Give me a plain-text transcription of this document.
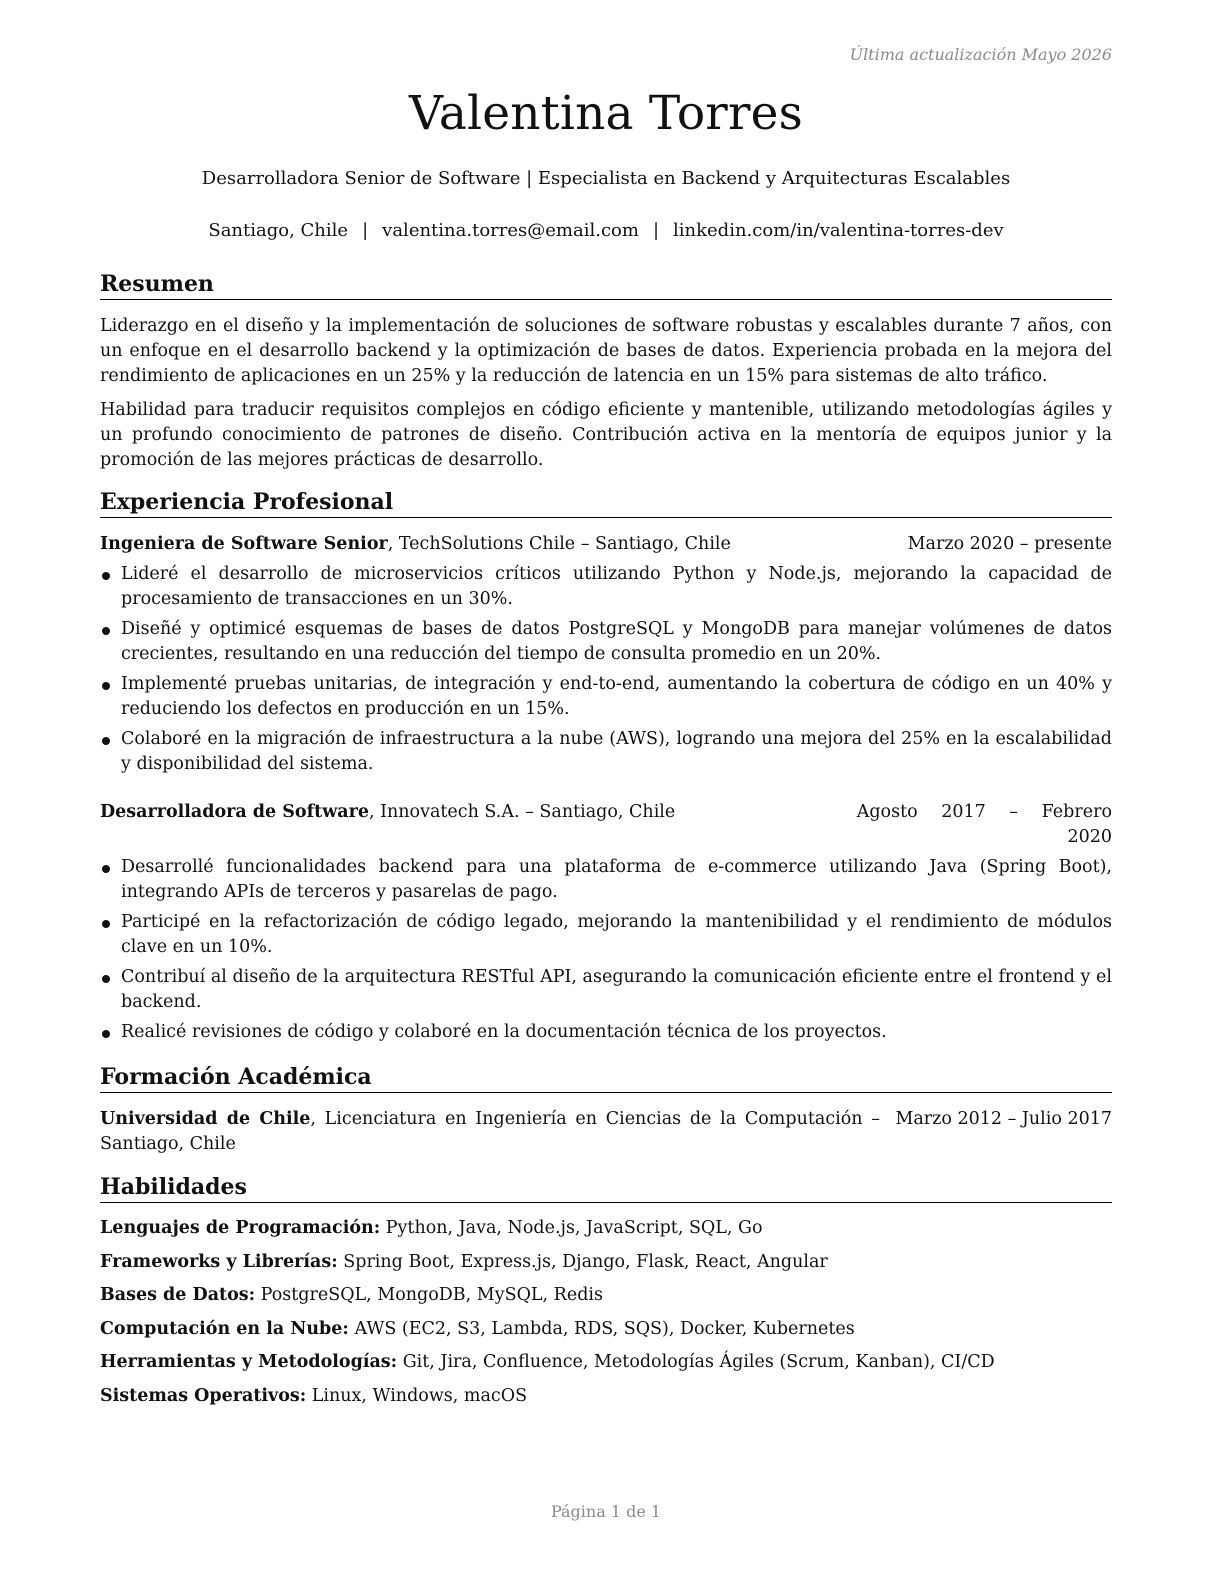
Última actualización Mayo 2026
Valentina Torres
Desarrolladora Senior de Software | Especialista en Backend y Arquitecturas Escalables
Santiago, Chile | valentina.torres@email.com | linkedin.com/in/valentina-torres-dev
Resumen

Liderazgo en el diseño y la implementación de soluciones de software robustas y escalables durante 7 años, con un enfoque en el desarrollo backend y la optimización de bases de datos. Experiencia probada en la mejora del rendimiento de aplicaciones en un 25% y la reducción de latencia en un 15% para sistemas de alto tráfico.

Habilidad para traducir requisitos complejos en código eficiente y mantenible, utilizando metodologías ágiles y un profundo conocimiento de patrones de diseño. Contribución activa en la mentoría de equipos junior y la promoción de las mejores prácticas de desarrollo.

Experiencia Profesional
Ingeniera de Software Senior, TechSolutions Chile – Santiago, Chile	Marzo 2020 – presente
Lideré el desarrollo de microservicios críticos utilizando Python y Node.js, mejorando la capacidad de procesamiento de transacciones en un 30%.
Diseñé y optimicé esquemas de bases de datos PostgreSQL y MongoDB para manejar volúmenes de datos crecientes, resultando en una reducción del tiempo de consulta promedio en un 20%.
Implementé pruebas unitarias, de integración y end-to-end, aumentando la cobertura de código en un 40% y reduciendo los defectos en producción en un 15%.
Colaboré en la migración de infraestructura a la nube (AWS), logrando una mejora del 25% en la escalabilidad y disponibilidad del sistema.
Desarrolladora de Software, Innovatech S.A. – Santiago, Chile	Agosto 2017 – Febrero
2020
Desarrollé funcionalidades backend para una plataforma de e-commerce utilizando Java (Spring Boot), integrando APIs de terceros y pasarelas de pago.
Participé en la refactorización de código legado, mejorando la mantenibilidad y el rendimiento de módulos clave en un 10%.
Contribuí al diseño de la arquitectura RESTful API, asegurando la comunicación eficiente entre el frontend y el backend.
Realicé revisiones de código y colaboré en la documentación técnica de los proyectos.
Formación Académica
Universidad de Chile, Licenciatura en Ingeniería en Ciencias de la Computación – Santiago, Chile
Marzo 2012 – Julio 2017
Habilidades
Lenguajes de Programación: Python, Java, Node.js, JavaScript, SQL, Go
Frameworks y Librerías: Spring Boot, Express.js, Django, Flask, React, Angular
Bases de Datos: PostgreSQL, MongoDB, MySQL, Redis
Computación en la Nube: AWS (EC2, S3, Lambda, RDS, SQS), Docker, Kubernetes
Herramientas y Metodologías: Git, Jira, Confluence, Metodologías Ágiles (Scrum, Kanban), CI/CD
Sistemas Operativos: Linux, Windows, macOS
Página 1 de 1
